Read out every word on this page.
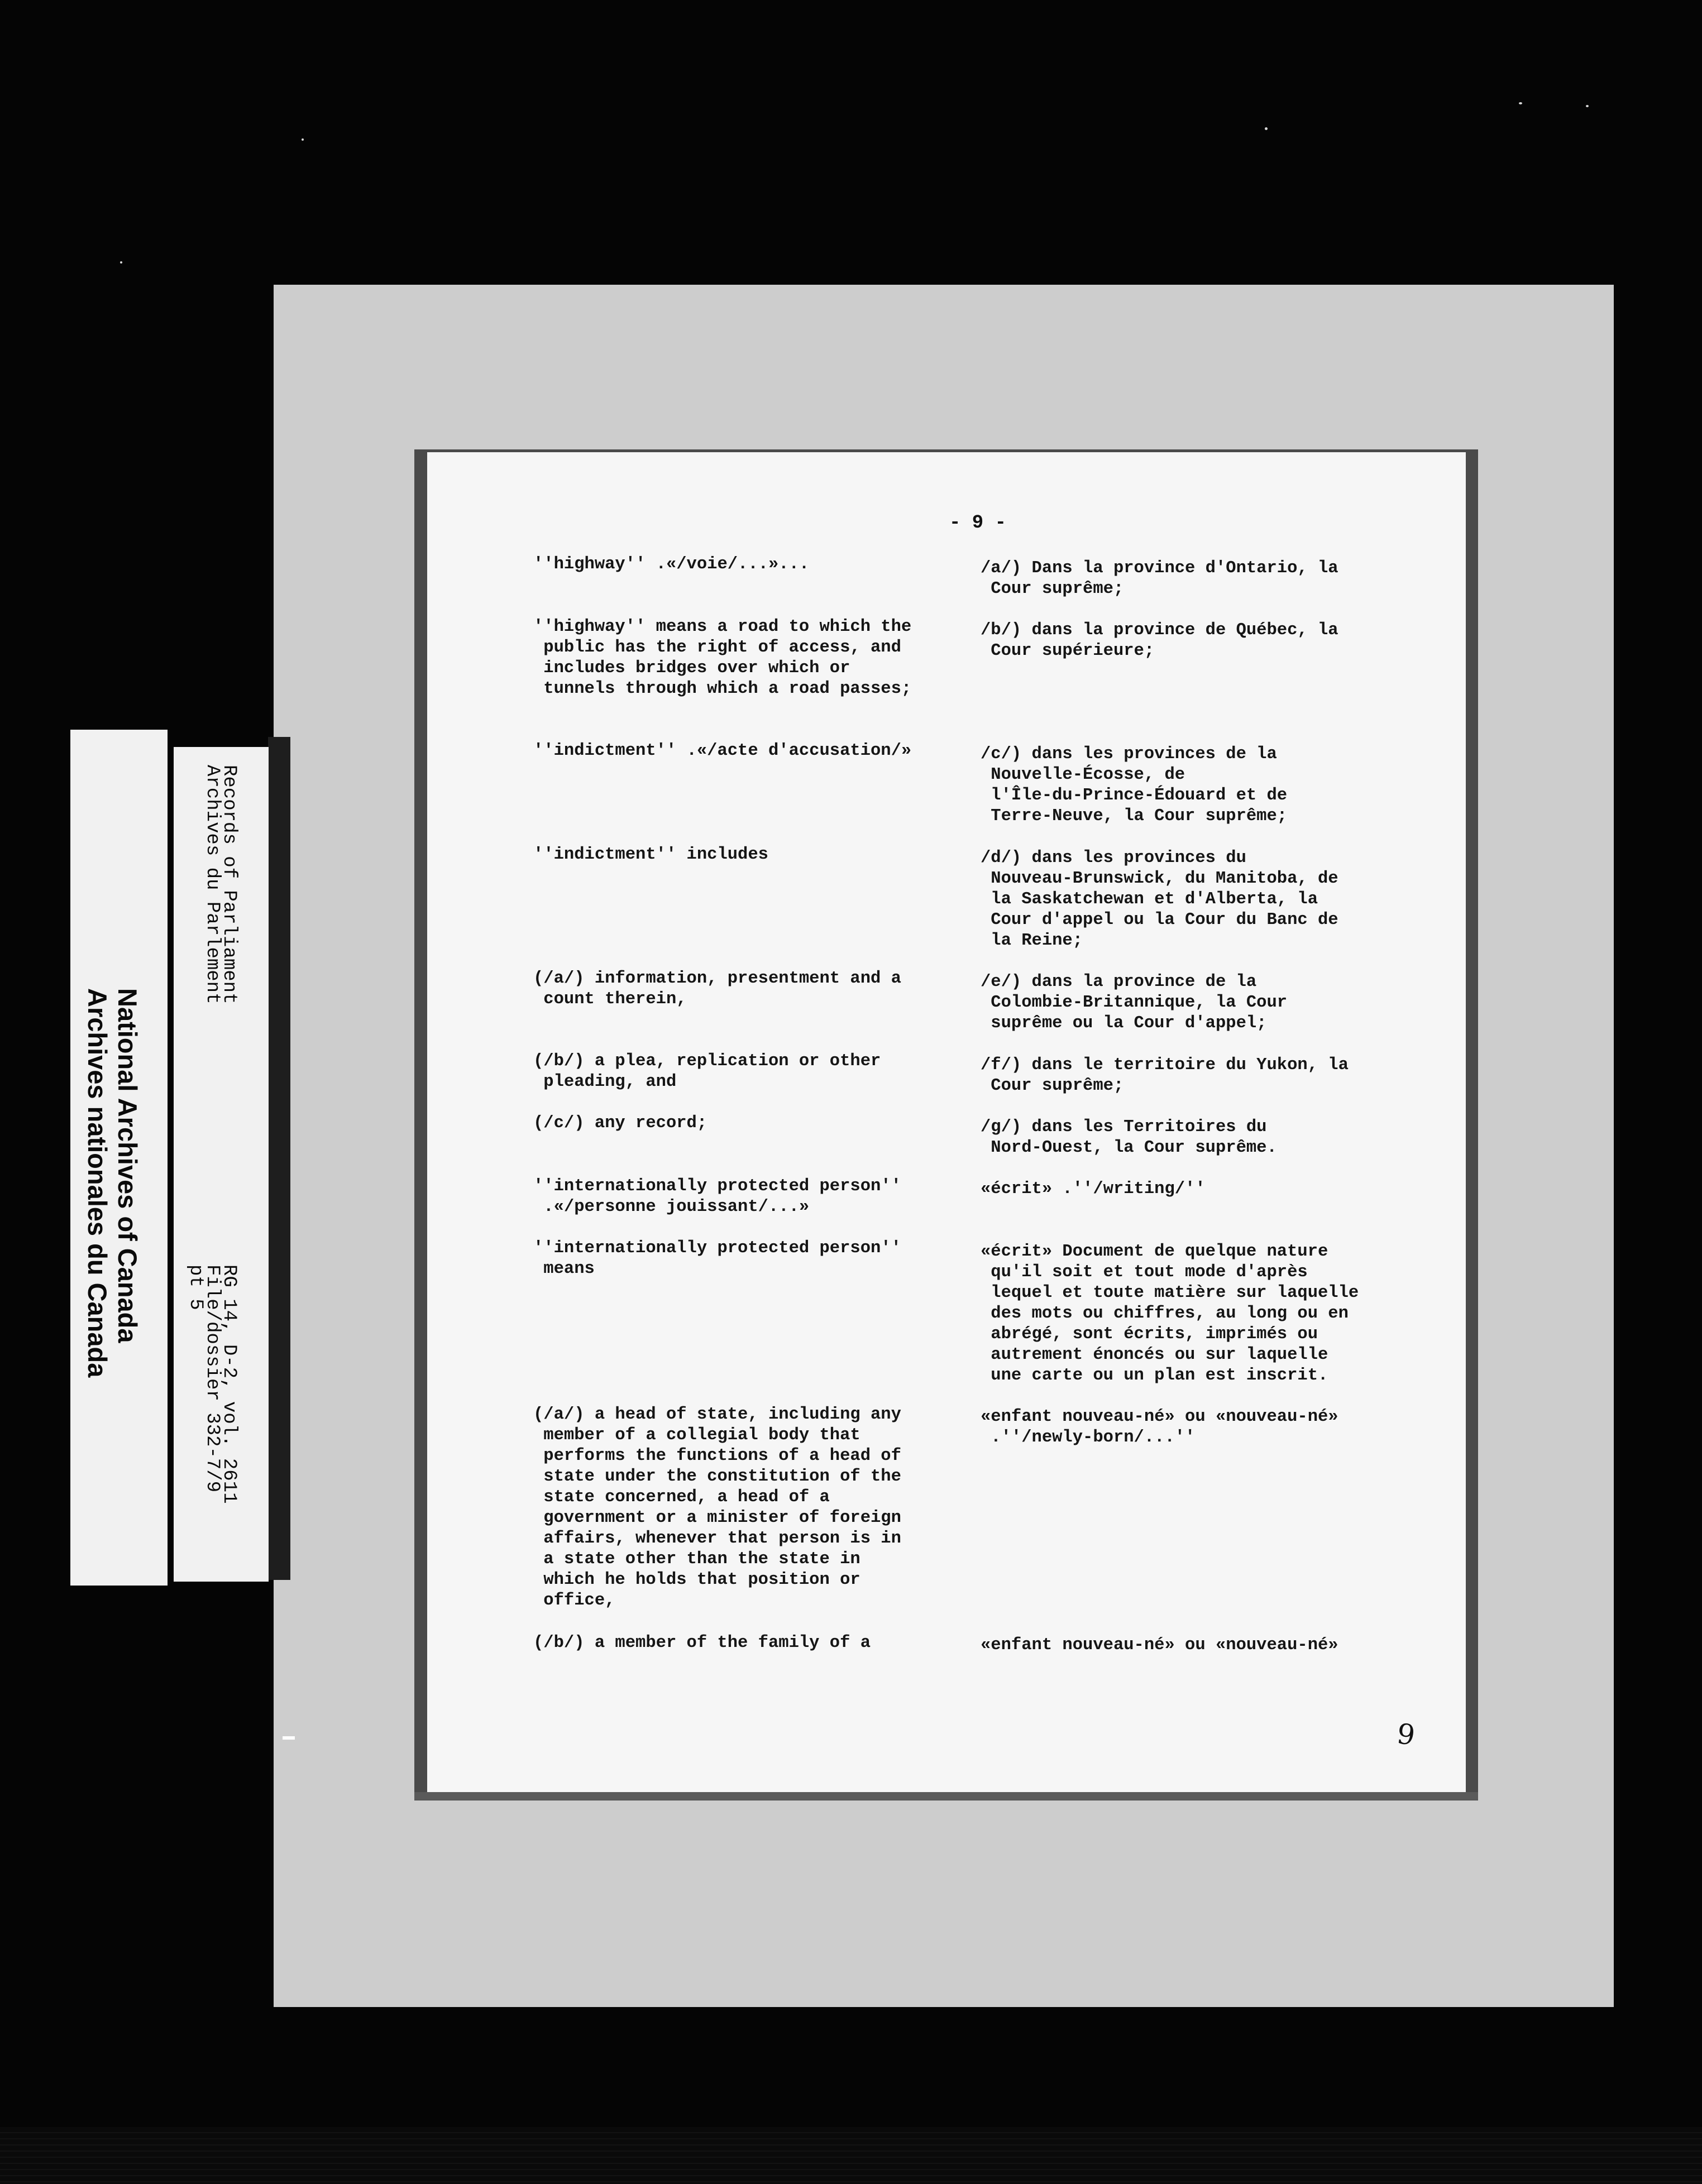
- 9 -
''highway'' .«/voie/...»...
''highway'' means a road to which the
public has the right of access, and
includes bridges over which or
tunnels through which a road passes;
''indictment'' .«/acte d'accusation/»
''indictment'' includes
(/a/) information, presentment and a
count therein,
(/b/) a plea, replication or other
pleading, and
(/c/) any record;
''internationally protected person''
.«/personne jouissant/...»
''internationally protected person''
means
(/a/) a head of state, including any
member of a collegial body that
performs the functions of a head of
state under the constitution of the
state concerned, a head of a
government or a minister of foreign
affairs, whenever that person is in
a state other than the state in
which he holds that position or
office,
(/b/) a member of the family of a
/a/) Dans la province d'Ontario, la
Cour suprême;
/b/) dans la province de Québec, la
Cour supérieure;
/c/) dans les provinces de la
Nouvelle-Écosse, de
l'Île-du-Prince-Édouard et de
Terre-Neuve, la Cour suprême;
/d/) dans les provinces du
Nouveau-Brunswick, du Manitoba, de
la Saskatchewan et d'Alberta, la
Cour d'appel ou la Cour du Banc de
la Reine;
/e/) dans la province de la
Colombie-Britannique, la Cour
suprême ou la Cour d'appel;
/f/) dans le territoire du Yukon, la
Cour suprême;
/g/) dans les Territoires du
Nord-Ouest, la Cour suprême.
«écrit» .''/writing/''
«écrit» Document de quelque nature
qu'il soit et tout mode d'après
lequel et toute matière sur laquelle
des mots ou chiffres, au long ou en
abrégé, sont écrits, imprimés ou
autrement énoncés ou sur laquelle
une carte ou un plan est inscrit.
«enfant nouveau-né» ou «nouveau-né»
.''/newly-born/...''
«enfant nouveau-né» ou «nouveau-né»
9
National Archives of Canada
Archives nationales du Canada
Records of Parliament
Archives du Parlement
RG 14, D-2, vol. 2611
File/dossier 332-7/9
pt 5
